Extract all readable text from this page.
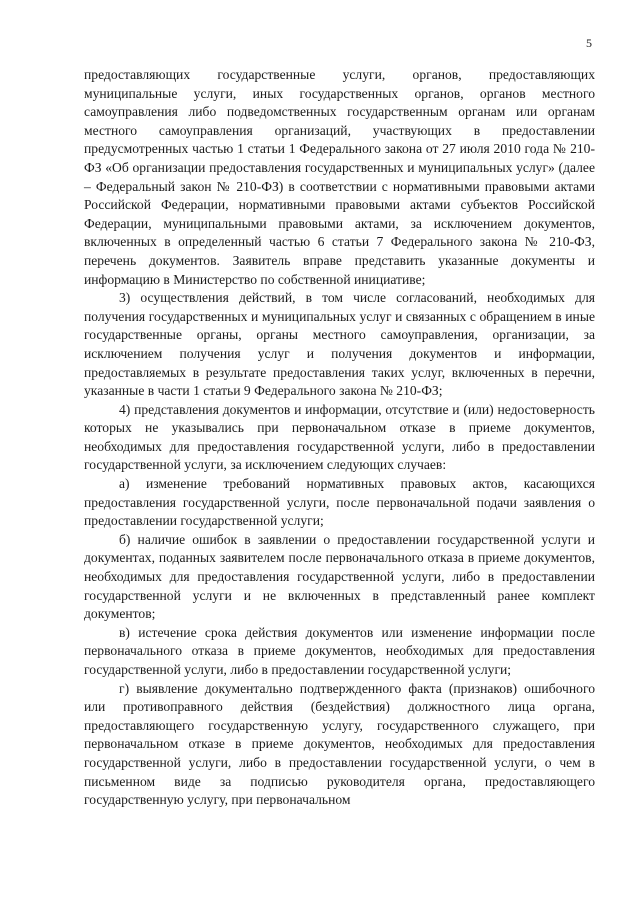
5

предоставляющих государственные услуги, органов, предоставляющих муниципальные услуги, иных государственных органов, органов местного самоуправления либо подведомственных государственным органам или органам местного самоуправления организаций, участвующих в предоставлении предусмотренных частью 1 статьи 1 Федерального закона от 27 июля 2010 года № 210-ФЗ «Об организации предоставления государственных и муниципальных услуг» (далее – Федеральный закон № 210-ФЗ) в соответствии с нормативными правовыми актами Российской Федерации, нормативными правовыми актами субъектов Российской Федерации, муниципальными правовыми актами, за исключением документов, включенных в определенный частью 6 статьи 7 Федерального закона № 210-ФЗ, перечень документов. Заявитель вправе представить указанные документы и информацию в Министерство по собственной инициативе;

3) осуществления действий, в том числе согласований, необходимых для получения государственных и муниципальных услуг и связанных с обращением в иные государственные органы, органы местного самоуправления, организации, за исключением получения услуг и получения документов и информации, предоставляемых в результате предоставления таких услуг, включенных в перечни, указанные в части 1 статьи 9 Федерального закона № 210-ФЗ;

4) представления документов и информации, отсутствие и (или) недостоверность которых не указывались при первоначальном отказе в приеме документов, необходимых для предоставления государственной услуги, либо в предоставлении государственной услуги, за исключением следующих случаев:

а) изменение требований нормативных правовых актов, касающихся предоставления государственной услуги, после первоначальной подачи заявления о предоставлении государственной услуги;

б) наличие ошибок в заявлении о предоставлении государственной услуги и документах, поданных заявителем после первоначального отказа в приеме документов, необходимых для предоставления государственной услуги, либо в предоставлении государственной услуги и не включенных в представленный ранее комплект документов;

в) истечение срока действия документов или изменение информации после первоначального отказа в приеме документов, необходимых для предоставления государственной услуги, либо в предоставлении государственной услуги;

г) выявление документально подтвержденного факта (признаков) ошибочного или противоправного действия (бездействия) должностного лица органа, предоставляющего государственную услугу, государственного служащего, при первоначальном отказе в приеме документов, необходимых для предоставления государственной услуги, либо в предоставлении государственной услуги, о чем в письменном виде за подписью руководителя органа, предоставляющего государственную услугу, при первоначальном
